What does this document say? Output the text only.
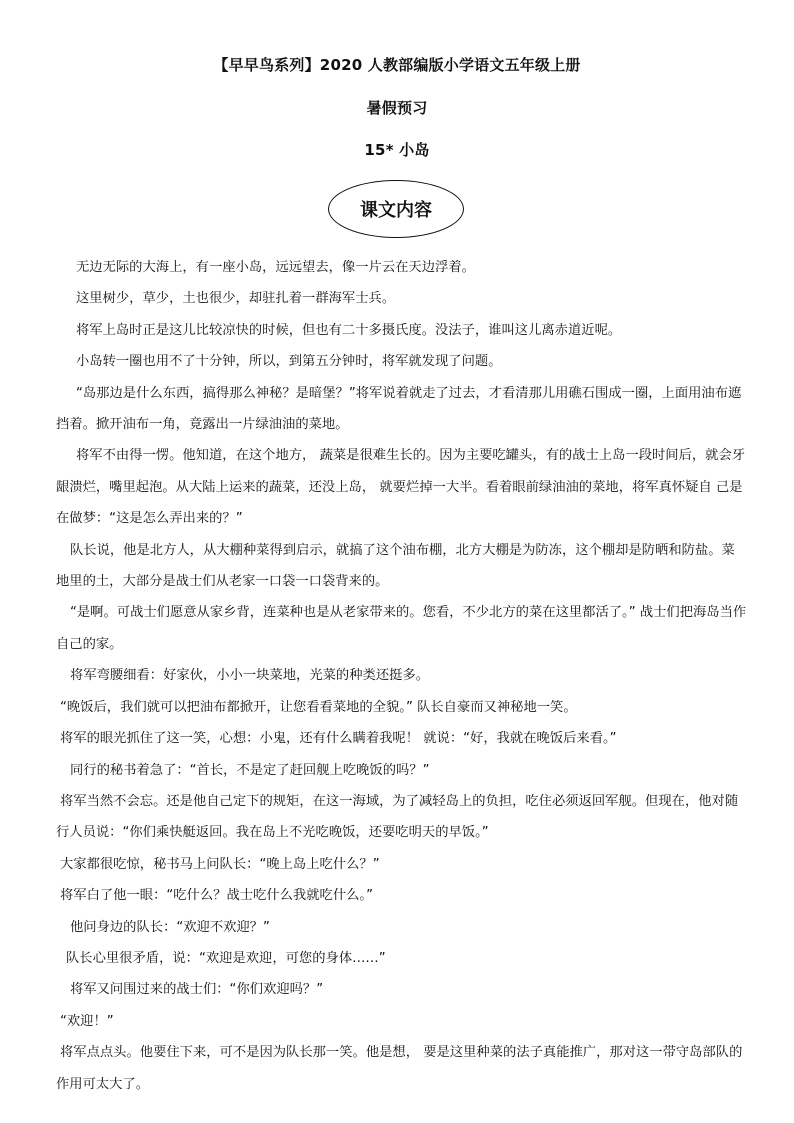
【早早鸟系列】2020 人教部编版小学语文五年级上册
暑假预习
15* 小岛
课文内容

无边无际的大海上，有一座小岛，远远望去，像一片云在天边浮着。

这里树少，草少，土也很少，却驻扎着一群海军士兵。

将军上岛时正是这儿比较凉快的时候，但也有二十多摄氏度。没法子，谁叫这儿离赤道近呢。

小岛转一圈也用不了十分钟，所以，到第五分钟时，将军就发现了问题。

“岛那边是什么东西，搞得那么神秘？是暗堡？”将军说着就走了过去，才看清那儿用礁石围成一圈，上面用油布遮挡着。掀开油布一角，竟露出一片绿油油的菜地。

将军不由得一愣。他知道，在这个地方， 蔬菜是很难生长的。因为主要吃罐头，有的战士上岛一段时间后，就会牙龈溃烂，嘴里起泡。从大陆上运来的蔬菜，还没上岛， 就要烂掉一大半。看着眼前绿油油的菜地，将军真怀疑自 己是在做梦：“这是怎么弄出来的？”

队长说，他是北方人，从大棚种菜得到启示，就搞了这个油布棚，北方大棚是为防冻，这个棚却是防晒和防盐。菜地里的土，大部分是战士们从老家一口袋一口袋背来的。

“是啊。可战士们愿意从家乡背，连菜种也是从老家带来的。您看，不少北方的菜在这里都活了。” 战士们把海岛当作自己的家。

将军弯腰细看：好家伙，小小一块菜地，光菜的种类还挺多。

“晚饭后，我们就可以把油布都掀开，让您看看菜地的全貌。” 队长自豪而又神秘地一笑。

将军的眼光抓住了这一笑，心想：小鬼，还有什么瞒着我呢！ 就说：“好，我就在晚饭后来看。”

同行的秘书着急了：“首长，不是定了赶回舰上吃晚饭的吗？”

将军当然不会忘。还是他自己定下的规矩，在这一海域，为了减轻岛上的负担，吃住必须返回军舰。但现在，他对随行人员说：“你们乘快艇返回。我在岛上不光吃晚饭，还要吃明天的早饭。”

大家都很吃惊，秘书马上问队长：“晚上岛上吃什么？”

将军白了他一眼：“吃什么？战士吃什么我就吃什么。”

他问身边的队长：“欢迎不欢迎？”

队长心里很矛盾，说：“欢迎是欢迎，可您的身体……”

将军又问围过来的战士们：“你们欢迎吗？”

“欢迎！”

将军点点头。他要住下来，可不是因为队长那一笑。他是想， 要是这里种菜的法子真能推广，那对这一带守岛部队的作用可太大了。
